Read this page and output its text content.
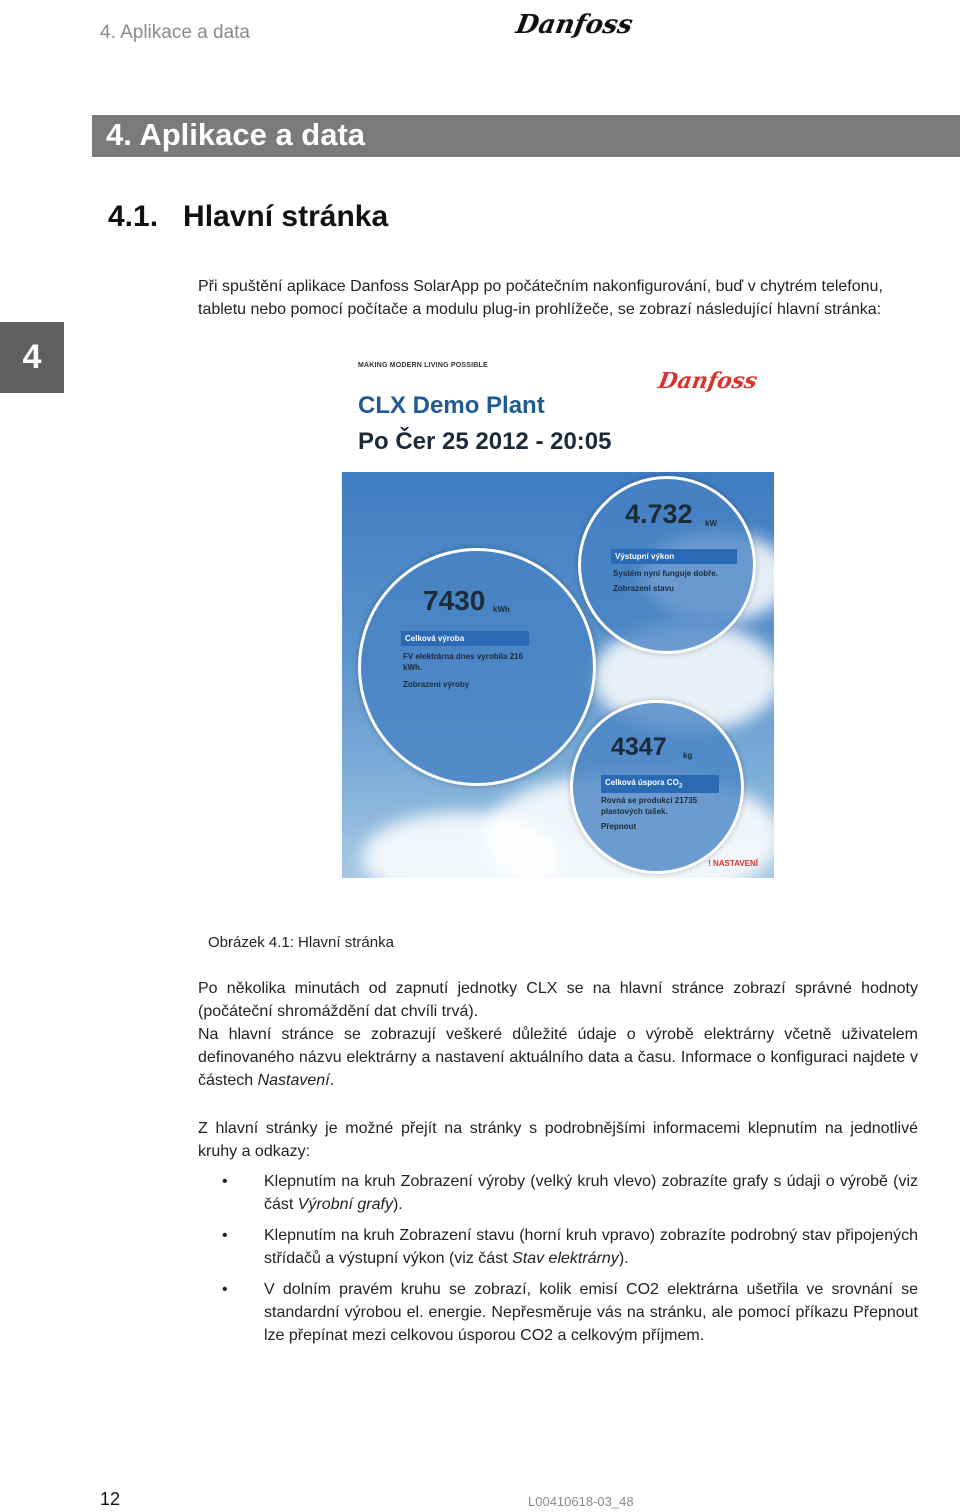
4. Aplikace a data	Danfoss
4. Aplikace a data
4.1.   Hlavní stránka
4

Při spuštění aplikace Danfoss SolarApp po počátečním nakonfigurování, buď v chytrém telefonu, tabletu nebo pomocí počítače a modulu plug-in prohlížeče, se zobrazí následující hlavní stránka:

MAKING MODERN LIVING POSSIBLE
Danfoss
CLX Demo Plant
Po Čer 25 2012 - 20:05
4.732 kW
Výstupní výkon
Systém nyní funguje dobře.
Zobrazení stavu
7430 kWh
Celková výroba
FV elektrárna dnes vyrobila 216 kWh.
Zobrazení výroby
4347 kg
Celková úspora $CO_2$
Rovná se produkci 21735 plastových tašek.
Přepnout
! NASTAVENÍ
Obrázek 4.1: Hlavní stránka

Po několika minutách od zapnutí jednotky CLX se na hlavní stránce zobrazí správné hodnoty (počáteční shromáždění dat chvíli trvá).

Na hlavní stránce se zobrazují veškeré důležité údaje o výrobě elektrárny včetně uživatelem definovaného názvu elektrárny a nastavení aktuálního data a času. Informace o konfiguraci najdete v částech Nastavení.

Z hlavní stránky je možné přejít na stránky s podrobnějšími informacemi klepnutím na jednotlivé kruhy a odkazy:

• Klepnutím na kruh Zobrazení výroby (velký kruh vlevo) zobrazíte grafy s údaji o výrobě (viz část Výrobní grafy).
• Klepnutím na kruh Zobrazení stavu (horní kruh vpravo) zobrazíte podrobný stav připojených střídačů a výstupní výkon (viz část Stav elektrárny).
• V dolním pravém kruhu se zobrazí, kolik emisí CO2 elektrárna ušetřila ve srovnání se standardní výrobou el. energie. Nepřesměruje vás na stránku, ale pomocí příkazu Přepnout lze přepínat mezi celkovou úsporou CO2 a celkovým příjmem.
12	L00410618-03_48
